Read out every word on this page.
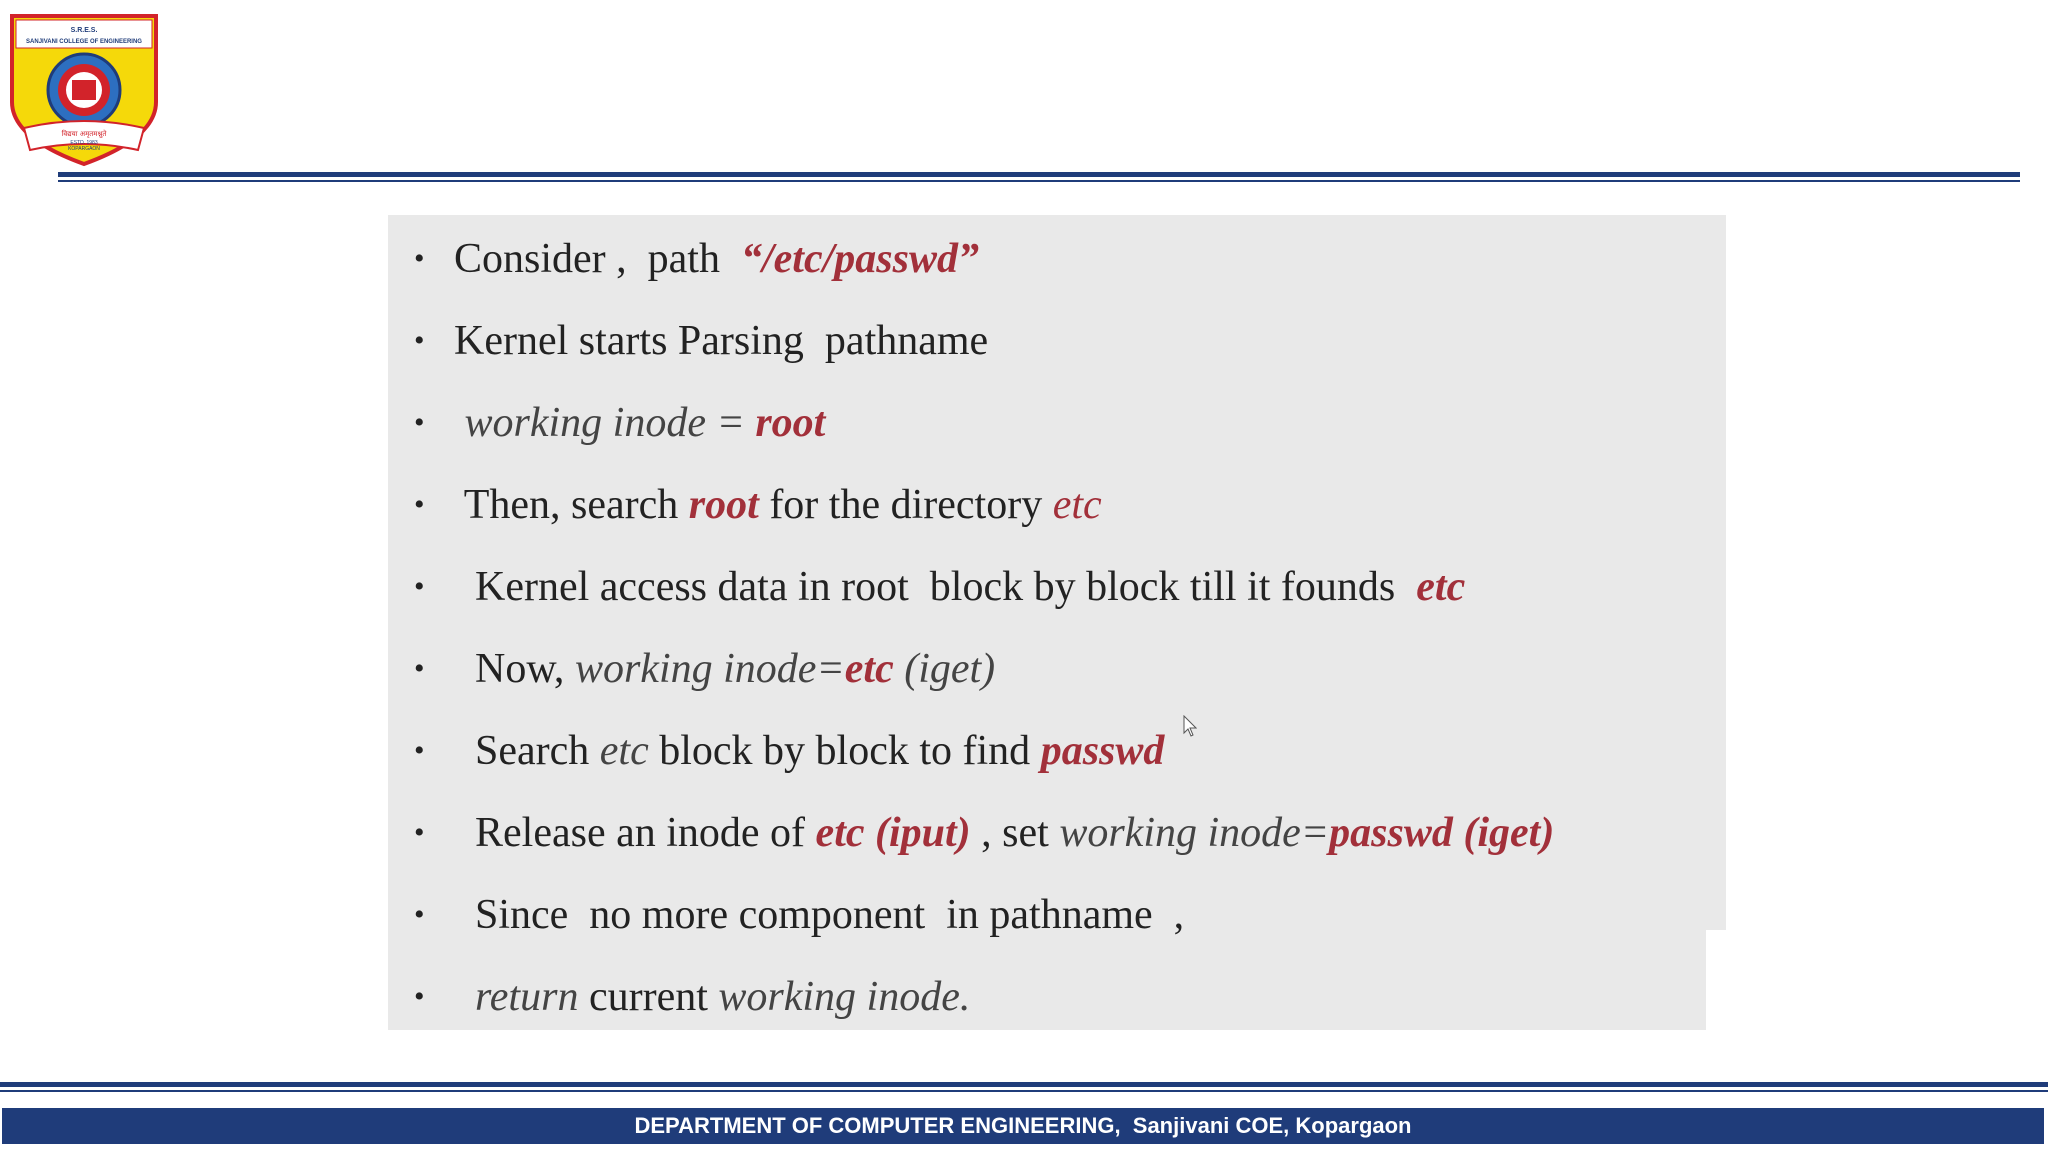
S.R.E.S.
SANJIVANI COLLEGE OF ENGINEERING
विद्यया अमृतमश्नुते
ESTD. 1983
KOPARGAON
• Consider ,  path “/etc/passwd”
• Kernel starts Parsing  pathname
• working inode = root
• Then, search root for the directory etc
• Kernel access data in root  block by block till it founds etc
• Now, working inode= etc (iget)
• Search etc block by block to find passwd
• Release an inode of etc (iput) , set working inode= passwd (iget)
• Since  no more component  in pathname  ,
• return current working inode.
DEPARTMENT OF COMPUTER ENGINEERING,  Sanjivani COE, Kopargaon
